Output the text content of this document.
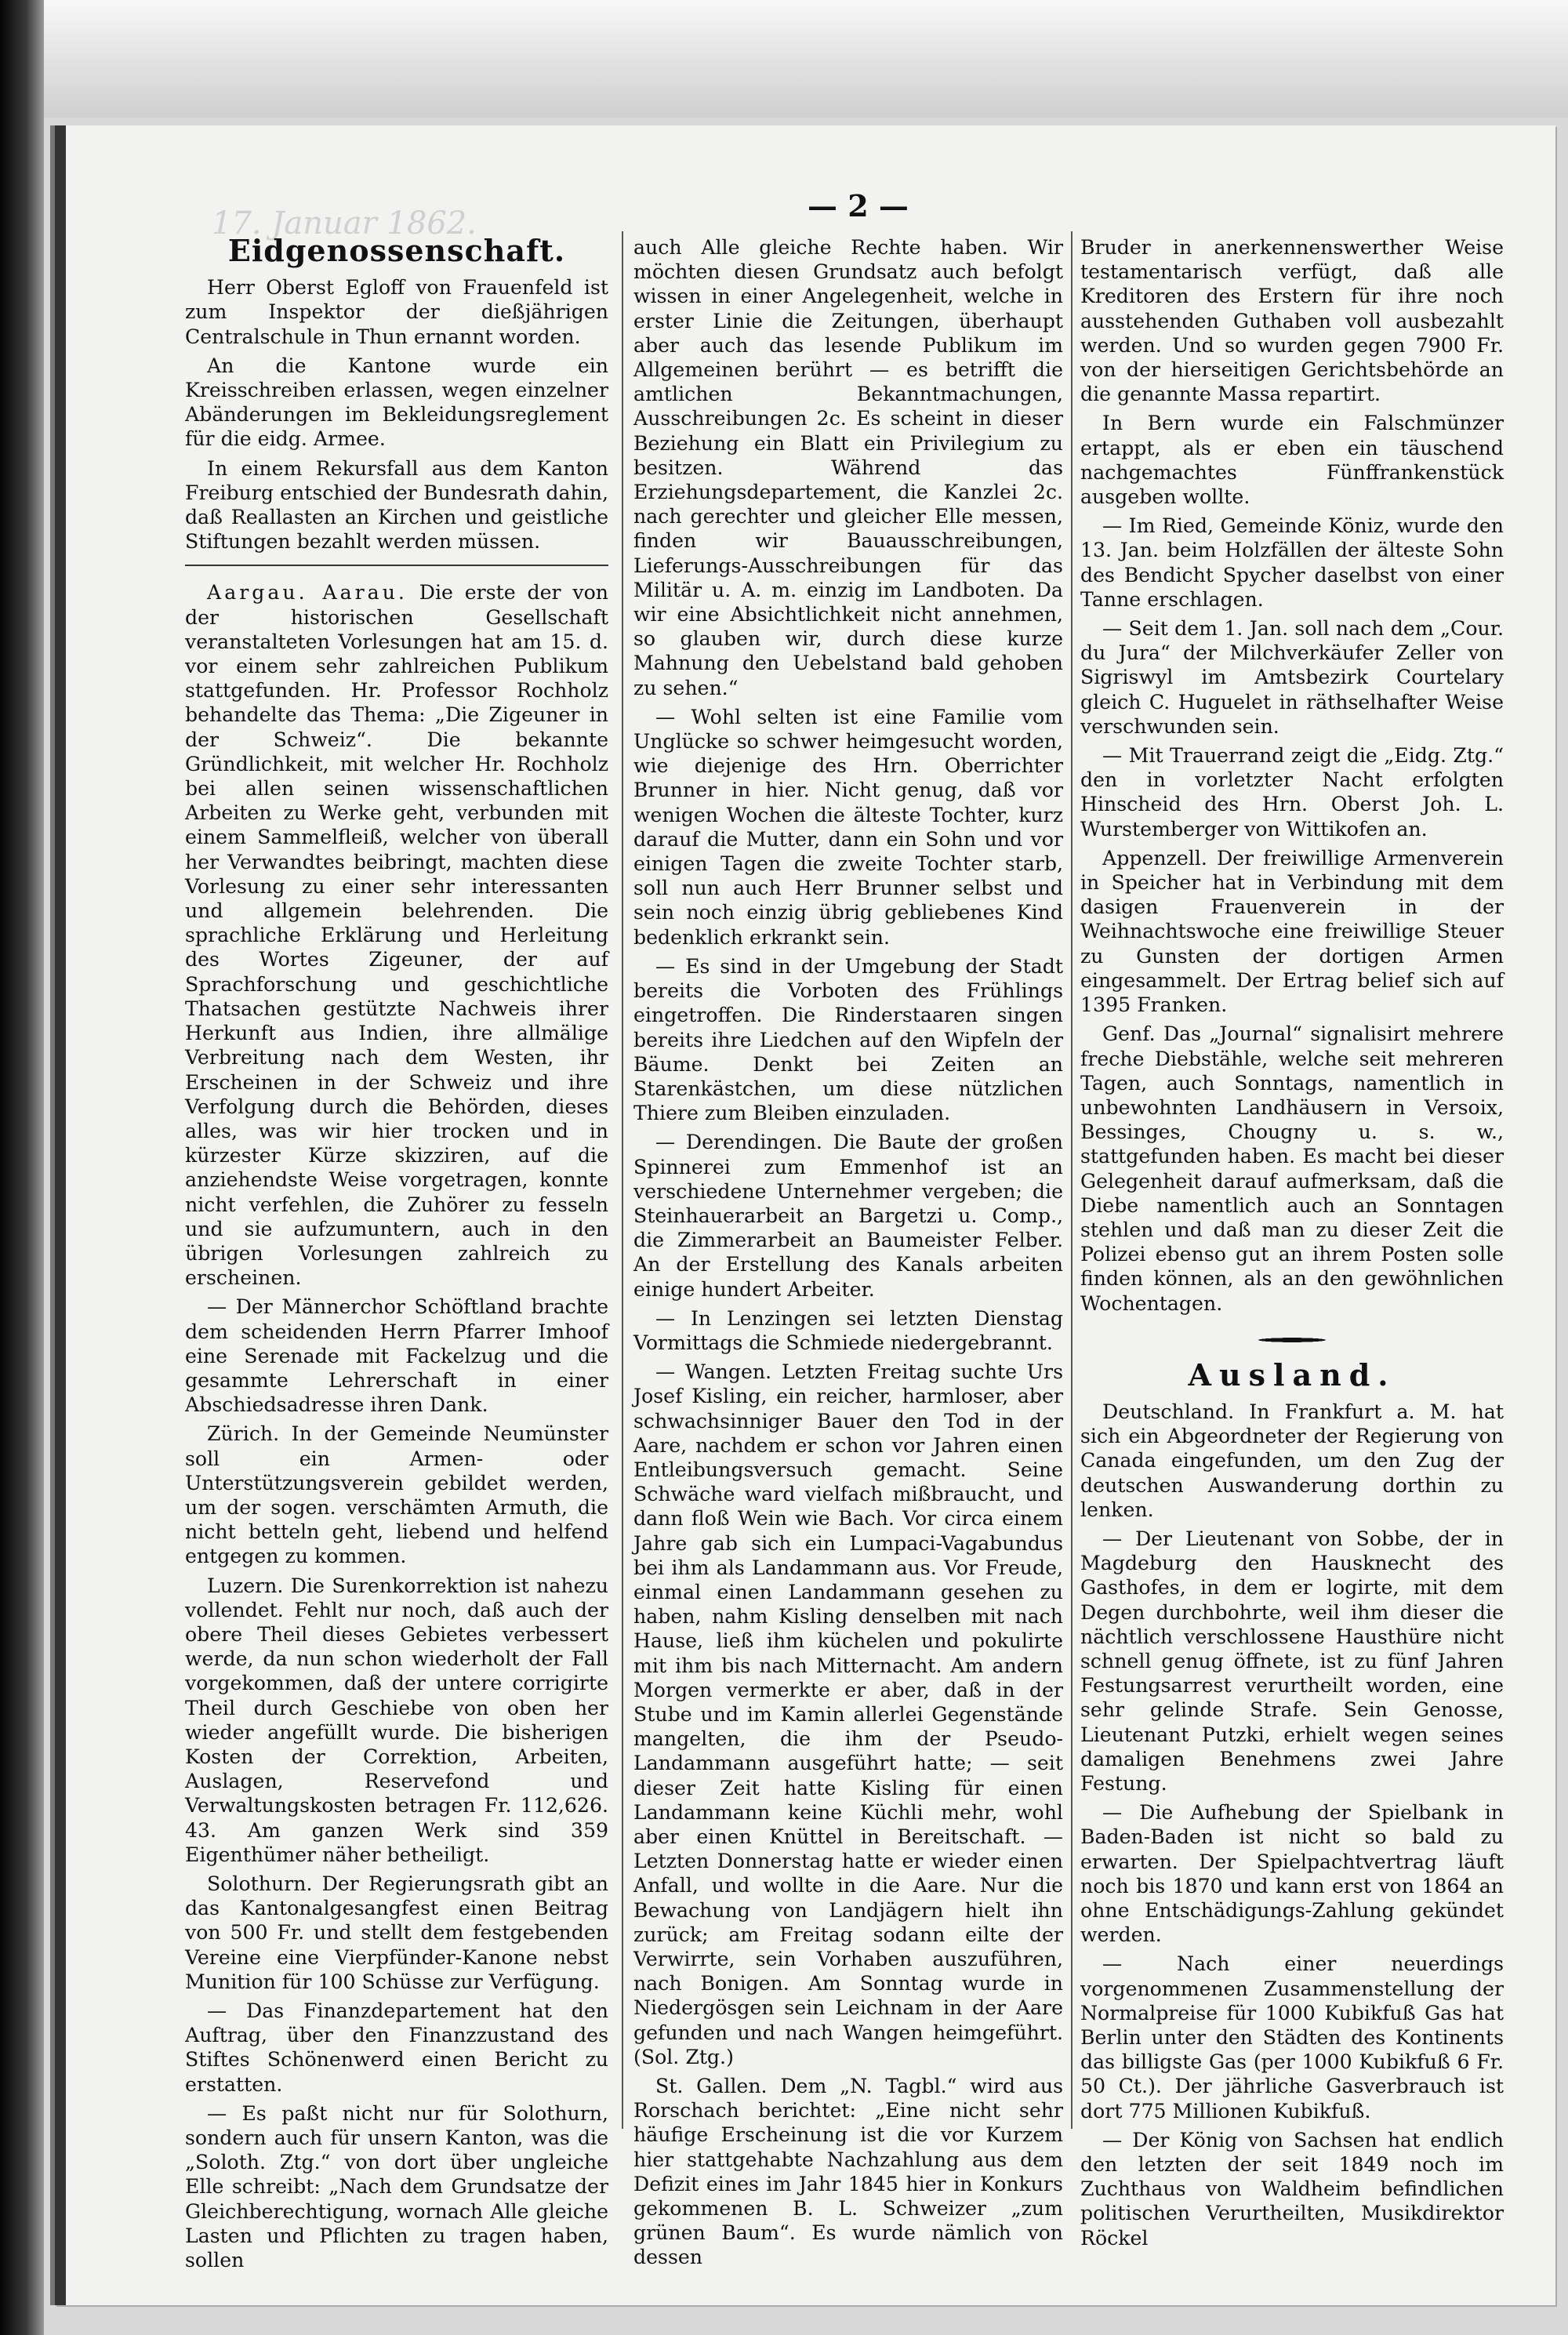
17. Januar 1862.	— 2 —
Eidgenossenschaft.

Herr Oberst Egloff von Frauenfeld ist zum Inspektor der dießjährigen Centralschule in Thun ernannt worden.

An die Kantone wurde ein Kreisschreiben erlassen, wegen einzelner Abänderungen im Bekleidungsreglement für die eidg. Armee.

In einem Rekursfall aus dem Kanton Freiburg entschied der Bundesrath dahin, daß Reallasten an Kirchen und geistliche Stiftungen bezahlt werden müssen.

Aargau. Aarau. Die erste der von der historischen Gesellschaft veranstalteten Vorlesungen hat am 15. d. vor einem sehr zahlreichen Publikum stattgefunden. Hr. Professor Rochholz behandelte das Thema: „Die Zigeuner in der Schweiz“. Die bekannte Gründlichkeit, mit welcher Hr. Rochholz bei allen seinen wissenschaftlichen Arbeiten zu Werke geht, verbunden mit einem Sammelfleiß, welcher von überall her Verwandtes beibringt, machten diese Vorlesung zu einer sehr interessanten und allgemein belehrenden. Die sprachliche Erklärung und Herleitung des Wortes Zigeuner, der auf Sprachforschung und geschichtliche Thatsachen gestützte Nachweis ihrer Herkunft aus Indien, ihre allmälige Verbreitung nach dem Westen, ihr Erscheinen in der Schweiz und ihre Verfolgung durch die Behörden, dieses alles, was wir hier trocken und in kürzester Kürze skizziren, auf die anziehendste Weise vorgetragen, konnte nicht verfehlen, die Zuhörer zu fesseln und sie aufzumuntern, auch in den übrigen Vorlesungen zahlreich zu erscheinen.

— Der Männerchor Schöftland brachte dem scheidenden Herrn Pfarrer Imhoof eine Serenade mit Fackelzug und die gesammte Lehrerschaft in einer Abschiedsadresse ihren Dank.

Zürich. In der Gemeinde Neumünster soll ein Armen- oder Unterstützungsverein gebildet werden, um der sogen. verschämten Armuth, die nicht betteln geht, liebend und helfend entgegen zu kommen.

Luzern. Die Surenkorrektion ist nahezu vollendet. Fehlt nur noch, daß auch der obere Theil dieses Gebietes verbessert werde, da nun schon wiederholt der Fall vorgekommen, daß der untere corrigirte Theil durch Geschiebe von oben her wieder angefüllt wurde. Die bisherigen Kosten der Correktion, Arbeiten, Auslagen, Reservefond und Verwaltungskosten betragen Fr. 112,626. 43. Am ganzen Werk sind 359 Eigenthümer näher betheiligt.

Solothurn. Der Regierungsrath gibt an das Kantonalgesangfest einen Beitrag von 500 Fr. und stellt dem festgebenden Vereine eine Vierpfünder-Kanone nebst Munition für 100 Schüsse zur Verfügung.

— Das Finanzdepartement hat den Auftrag, über den Finanzzustand des Stiftes Schönenwerd einen Bericht zu erstatten.

— Es paßt nicht nur für Solothurn, sondern auch für unsern Kanton, was die „Soloth. Ztg.“ von dort über ungleiche Elle schreibt: „Nach dem Grundsatze der Gleichberechtigung, wornach Alle gleiche Lasten und Pflichten zu tragen haben, sollen

auch Alle gleiche Rechte haben. Wir möchten diesen Grundsatz auch befolgt wissen in einer Angelegenheit, welche in erster Linie die Zeitungen, überhaupt aber auch das lesende Publikum im Allgemeinen berührt — es betrifft die amtlichen Bekanntmachungen, Ausschreibungen 2c. Es scheint in dieser Beziehung ein Blatt ein Privilegium zu besitzen. Während das Erziehungsdepartement, die Kanzlei 2c. nach gerechter und gleicher Elle messen, finden wir Bauausschreibungen, Lieferungs-Ausschreibungen für das Militär u. A. m. einzig im Landboten. Da wir eine Absichtlichkeit nicht annehmen, so glauben wir, durch diese kurze Mahnung den Uebelstand bald gehoben zu sehen.“

— Wohl selten ist eine Familie vom Unglücke so schwer heimgesucht worden, wie diejenige des Hrn. Oberrichter Brunner in hier. Nicht genug, daß vor wenigen Wochen die älteste Tochter, kurz darauf die Mutter, dann ein Sohn und vor einigen Tagen die zweite Tochter starb, soll nun auch Herr Brunner selbst und sein noch einzig übrig gebliebenes Kind bedenklich erkrankt sein.

— Es sind in der Umgebung der Stadt bereits die Vorboten des Frühlings eingetroffen. Die Rinderstaaren singen bereits ihre Liedchen auf den Wipfeln der Bäume. Denkt bei Zeiten an Starenkästchen, um diese nützlichen Thiere zum Bleiben einzuladen.

— Derendingen. Die Baute der großen Spinnerei zum Emmenhof ist an verschiedene Unternehmer vergeben; die Steinhauerarbeit an Bargetzi u. Comp., die Zimmerarbeit an Baumeister Felber. An der Erstellung des Kanals arbeiten einige hundert Arbeiter.

— In Lenzingen sei letzten Dienstag Vormittags die Schmiede niedergebrannt.

— Wangen. Letzten Freitag suchte Urs Josef Kisling, ein reicher, harmloser, aber schwachsinniger Bauer den Tod in der Aare, nachdem er schon vor Jahren einen Entleibungsversuch gemacht. Seine Schwäche ward vielfach mißbraucht, und dann floß Wein wie Bach. Vor circa einem Jahre gab sich ein Lumpaci-Vagabundus bei ihm als Landammann aus. Vor Freude, einmal einen Landammann gesehen zu haben, nahm Kisling denselben mit nach Hause, ließ ihm küchelen und pokulirte mit ihm bis nach Mitternacht. Am andern Morgen vermerkte er aber, daß in der Stube und im Kamin allerlei Gegenstände mangelten, die ihm der Pseudo-Landammann ausgeführt hatte; — seit dieser Zeit hatte Kisling für einen Landammann keine Küchli mehr, wohl aber einen Knüttel in Bereitschaft. — Letzten Donnerstag hatte er wieder einen Anfall, und wollte in die Aare. Nur die Bewachung von Landjägern hielt ihn zurück; am Freitag sodann eilte der Verwirrte, sein Vorhaben auszuführen, nach Bonigen. Am Sonntag wurde in Niedergösgen sein Leichnam in der Aare gefunden und nach Wangen heimgeführt. (Sol. Ztg.)

St. Gallen. Dem „N. Tagbl.“ wird aus Rorschach berichtet: „Eine nicht sehr häufige Erscheinung ist die vor Kurzem hier stattgehabte Nachzahlung aus dem Defizit eines im Jahr 1845 hier in Konkurs gekommenen B. L. Schweizer „zum grünen Baum“. Es wurde nämlich von dessen

Bruder in anerkennenswerther Weise testamentarisch verfügt, daß alle Kreditoren des Erstern für ihre noch ausstehenden Guthaben voll ausbezahlt werden. Und so wurden gegen 7900 Fr. von der hierseitigen Gerichtsbehörde an die genannte Massa repartirt.

In Bern wurde ein Falschmünzer ertappt, als er eben ein täuschend nachgemachtes Fünffrankenstück ausgeben wollte.

— Im Ried, Gemeinde Köniz, wurde den 13. Jan. beim Holzfällen der älteste Sohn des Bendicht Spycher daselbst von einer Tanne erschlagen.

— Seit dem 1. Jan. soll nach dem „Cour. du Jura“ der Milchverkäufer Zeller von Sigriswyl im Amtsbezirk Courtelary gleich C. Huguelet in räthselhafter Weise verschwunden sein.

— Mit Trauerrand zeigt die „Eidg. Ztg.“ den in vorletzter Nacht erfolgten Hinscheid des Hrn. Oberst Joh. L. Wurstemberger von Wittikofen an.

Appenzell. Der freiwillige Armenverein in Speicher hat in Verbindung mit dem dasigen Frauenverein in der Weihnachtswoche eine freiwillige Steuer zu Gunsten der dortigen Armen eingesammelt. Der Ertrag belief sich auf 1395 Franken.

Genf. Das „Journal“ signalisirt mehrere freche Diebstähle, welche seit mehreren Tagen, auch Sonntags, namentlich in unbewohnten Landhäusern in Versoix, Bessinges, Chougny u. s. w., stattgefunden haben. Es macht bei dieser Gelegenheit darauf aufmerksam, daß die Diebe namentlich auch an Sonntagen stehlen und daß man zu dieser Zeit die Polizei ebenso gut an ihrem Posten solle finden können, als an den gewöhnlichen Wochentagen.

Ausland.

Deutschland. In Frankfurt a. M. hat sich ein Abgeordneter der Regierung von Canada eingefunden, um den Zug der deutschen Auswanderung dorthin zu lenken.

— Der Lieutenant von Sobbe, der in Magdeburg den Hausknecht des Gasthofes, in dem er logirte, mit dem Degen durchbohrte, weil ihm dieser die nächtlich verschlossene Hausthüre nicht schnell genug öffnete, ist zu fünf Jahren Festungsarrest verurtheilt worden, eine sehr gelinde Strafe. Sein Genosse, Lieutenant Putzki, erhielt wegen seines damaligen Benehmens zwei Jahre Festung.

— Die Aufhebung der Spielbank in Baden-Baden ist nicht so bald zu erwarten. Der Spielpachtvertrag läuft noch bis 1870 und kann erst von 1864 an ohne Entschädigungs-Zahlung gekündet werden.

— Nach einer neuerdings vorgenommenen Zusammenstellung der Normalpreise für 1000 Kubikfuß Gas hat Berlin unter den Städten des Kontinents das billigste Gas (per 1000 Kubikfuß 6 Fr. 50 Ct.). Der jährliche Gasverbrauch ist dort 775 Millionen Kubikfuß.

— Der König von Sachsen hat endlich den letzten der seit 1849 noch im Zuchthaus von Waldheim befindlichen politischen Verurtheilten, Musikdirektor Röckel
